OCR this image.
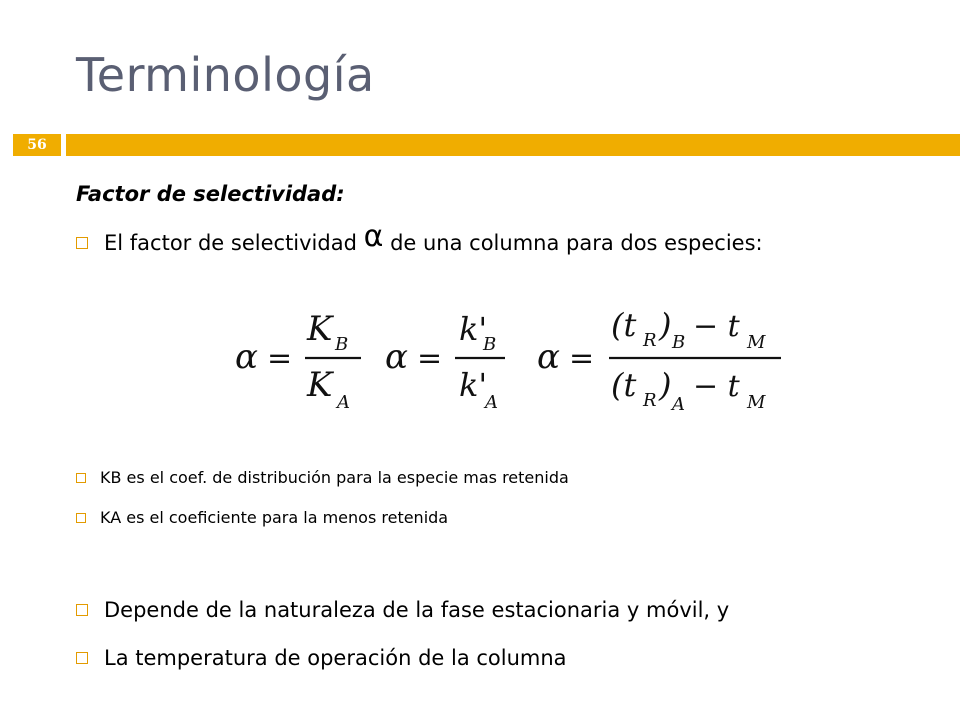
Terminología
56
Factor de selectividad:
El factor de selectividad α de una columna para dos especies:
α =
K B
K A
α =
k'
B
k'
A
α =
(t R ) B − t M
(t R )
A
− t M
KB es el coef. de distribución para la especie mas retenida
KA es el coeficiente para la menos retenida
Depende de la naturaleza de la fase estacionaria y móvil, y
La temperatura de operación de la columna
